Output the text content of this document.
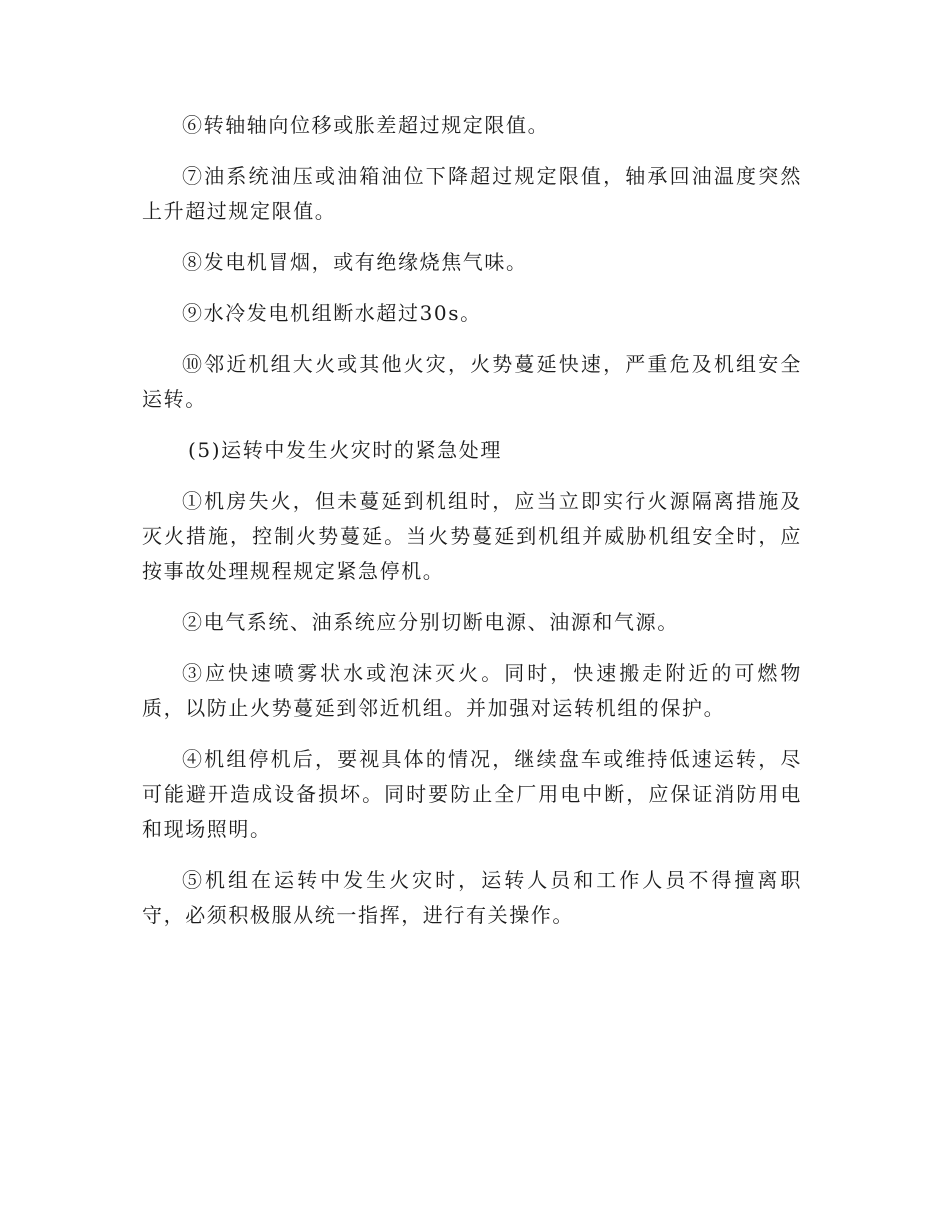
⑥转轴轴向位移或胀差超过规定限值。

⑦油系统油压或油箱油位下降超过规定限值，轴承回油温度突然上升超过规定限值。

⑧发电机冒烟，或有绝缘烧焦气味。

⑨水冷发电机组断水超过30s。

⑩邻近机组大火或其他火灾，火势蔓延快速，严重危及机组安全运转。

(5)运转中发生火灾时的紧急处理

①机房失火，但未蔓延到机组时，应当立即实行火源隔离措施及灭火措施，控制火势蔓延。当火势蔓延到机组并威胁机组安全时，应按事故处理规程规定紧急停机。

②电气系统、油系统应分别切断电源、油源和气源。

③应快速喷雾状水或泡沫灭火。同时，快速搬走附近的可燃物质，以防止火势蔓延到邻近机组。并加强对运转机组的保护。

④机组停机后，要视具体的情况，继续盘车或维持低速运转，尽可能避开造成设备损坏。同时要防止全厂用电中断，应保证消防用电和现场照明。

⑤机组在运转中发生火灾时，运转人员和工作人员不得擅离职守，必须积极服从统一指挥，进行有关操作。
